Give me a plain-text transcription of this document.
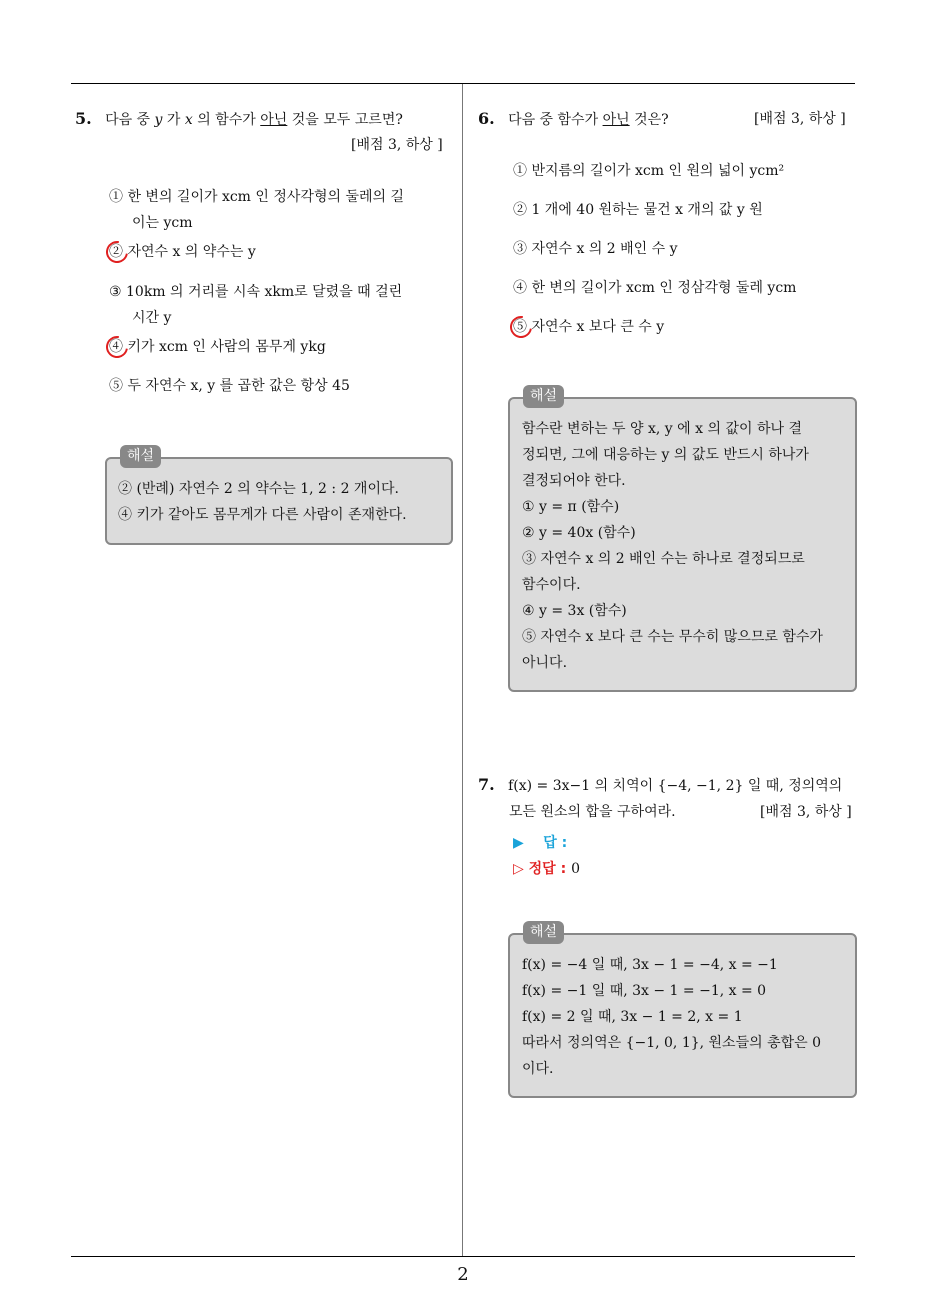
5. 다음 중 y 가 x 의 함수가 아닌 것을 모두 고르면?
[배점 3, 하상 ]
① 한 변의 길이가 xcm 인 정사각형의 둘레의 길
이는 ycm
② 자연수 x 의 약수는 y
③ 10km 의 거리를 시속 xkm로 달렸을 때 걸린
시간 y
④ 키가 xcm 인 사람의 몸무게 ykg
⑤ 두 자연수 x, y 를 곱한 값은 항상 45
해설
② (반례) 자연수 2 의 약수는 1, 2 : 2 개이다.
④ 키가 같아도 몸무게가 다른 사람이 존재한다.
6. 다음 중 함수가 아닌 것은?	[배점 3, 하상 ]
① 반지름의 길이가 xcm 인 원의 넓이 ycm²
② 1 개에 40 원하는 물건 x 개의 값 y 원
③ 자연수 x 의 2 배인 수 y
④ 한 변의 길이가 xcm 인 정삼각형 둘레 ycm
⑤ 자연수 x 보다 큰 수 y
해설
함수란 변하는 두 양 x, y 에 x 의 값이 하나 결
정되면, 그에 대응하는 y 의 값도 반드시 하나가
결정되어야 한다.
① y = π (함수)
② y = 40x (함수)
③ 자연수 x 의 2 배인 수는 하나로 결정되므로
함수이다.
④ y = 3x (함수)
⑤ 자연수 x 보다 큰 수는 무수히 많으므로 함수가
아니다.
7. f(x) = 3x−1 의 치역이 {−4, −1, 2} 일 때, 정의역의
모든 원소의 합을 구하여라.	[배점 3, 하상 ]
▶ 답 :
▷ 정답 : 0
해설
f(x) = −4 일 때, 3x − 1 = −4, x = −1
f(x) = −1 일 때, 3x − 1 = −1, x = 0
f(x) = 2 일 때, 3x − 1 = 2, x = 1
따라서 정의역은 {−1, 0, 1}, 원소들의 총합은 0
이다.
2
